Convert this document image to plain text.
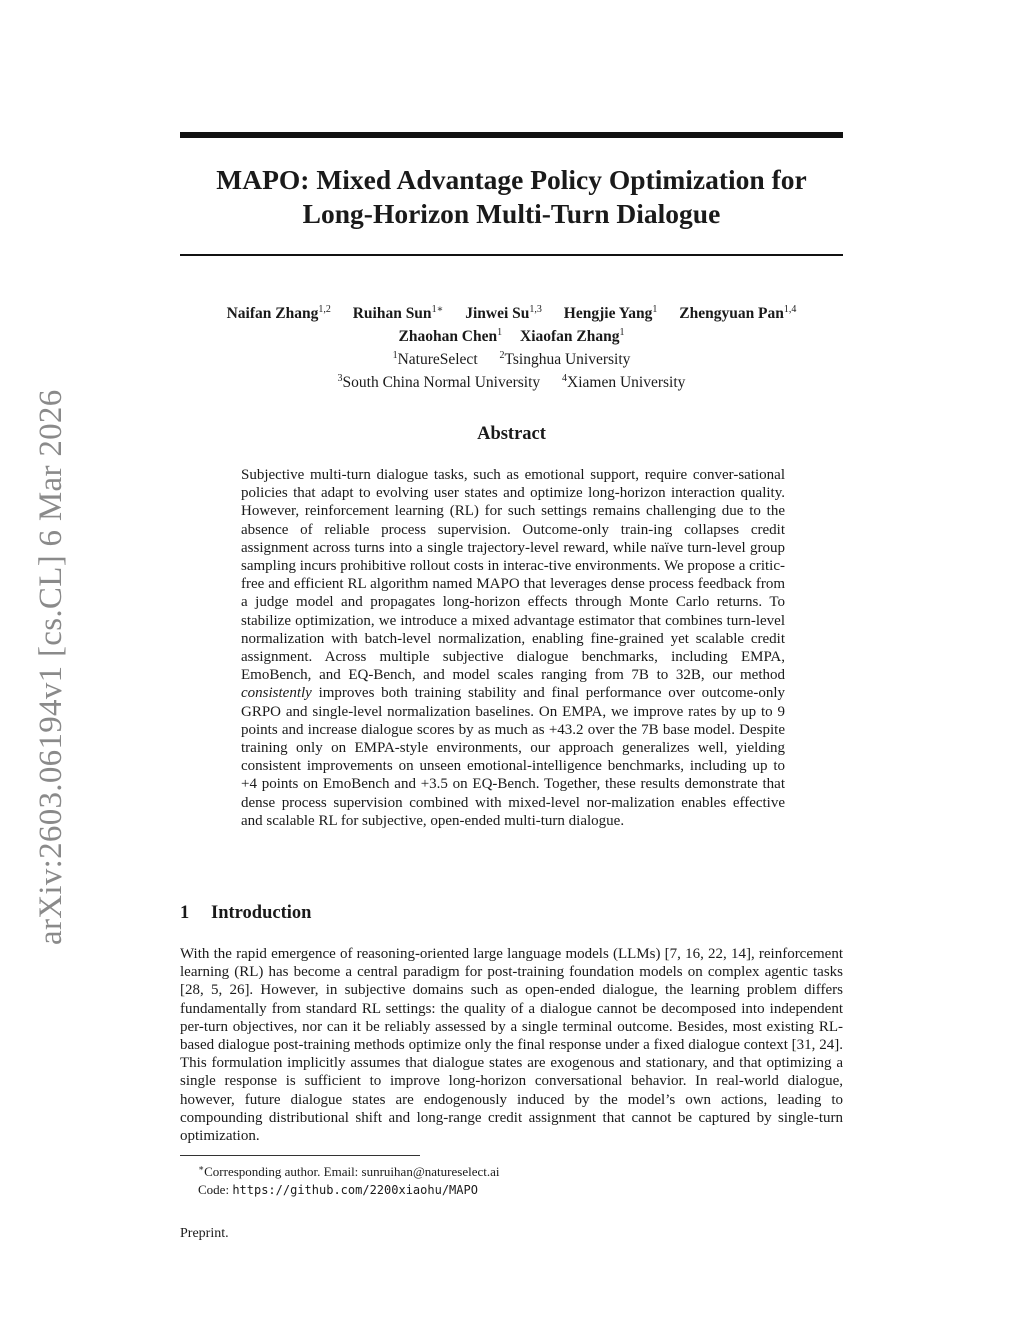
arXiv:2603.06194v1 [cs.CL] 6 Mar 2026
MAPO: Mixed Advantage Policy Optimization for
Long-Horizon Multi-Turn Dialogue
Naifan Zhang$^{1,2}$ Ruihan Sun$^{1∗}$ Jinwei Su$^{1,3}$ Hengjie Yang$^1$ Zhengyuan Pan$^{1,4}$
Zhaohan Chen$^1$ Xiaofan Zhang$^1$
$^1$NatureSelect $^2$Tsinghua University
$^3$South China Normal University $^4$Xiamen University
Abstract
Subjective multi-turn dialogue tasks, such as emotional support, require conver-sational policies that adapt to evolving user states and optimize long-horizon interaction quality. However, reinforcement learning (RL) for such settings remains challenging due to the absence of reliable process supervision. Outcome-only train-ing collapses credit assignment across turns into a single trajectory-level reward, while naïve turn-level group sampling incurs prohibitive rollout costs in interac-tive environments. We propose a critic-free and efficient RL algorithm named MAPO that leverages dense process feedback from a judge model and propagates long-horizon effects through Monte Carlo returns. To stabilize optimization, we introduce a mixed advantage estimator that combines turn-level normalization with batch-level normalization, enabling fine-grained yet scalable credit assignment. Across multiple subjective dialogue benchmarks, including EMPA, EmoBench, and EQ-Bench, and model scales ranging from 7B to 32B, our method consistently improves both training stability and final performance over outcome-only GRPO and single-level normalization baselines. On EMPA, we improve rates by up to 9 points and increase dialogue scores by as much as +43.2 over the 7B base model. Despite training only on EMPA-style environments, our approach generalizes well, yielding consistent improvements on unseen emotional-intelligence benchmarks, including up to +4 points on EmoBench and +3.5 on EQ-Bench. Together, these results demonstrate that dense process supervision combined with mixed-level nor-malization enables effective and scalable RL for subjective, open-ended multi-turn dialogue.
1 Introduction
With the rapid emergence of reasoning-oriented large language models (LLMs) [7, 16, 22, 14], reinforcement learning (RL) has become a central paradigm for post-training foundation models on complex agentic tasks [28, 5, 26]. However, in subjective domains such as open-ended dialogue, the learning problem differs fundamentally from standard RL settings: the quality of a dialogue cannot be decomposed into independent per-turn objectives, nor can it be reliably assessed by a single terminal outcome. Besides, most existing RL-based dialogue post-training methods optimize only the final response under a fixed dialogue context [31, 24]. This formulation implicitly assumes that dialogue states are exogenous and stationary, and that optimizing a single response is sufficient to improve long-horizon conversational behavior. In real-world dialogue, however, future dialogue states are endogenously induced by the model’s own actions, leading to compounding distributional shift and long-range credit assignment that cannot be captured by single-turn optimization.
∗Corresponding author. Email: sunruihan@natureselect.ai
Code: https://github.com/2200xiaohu/MAPO
Preprint.
